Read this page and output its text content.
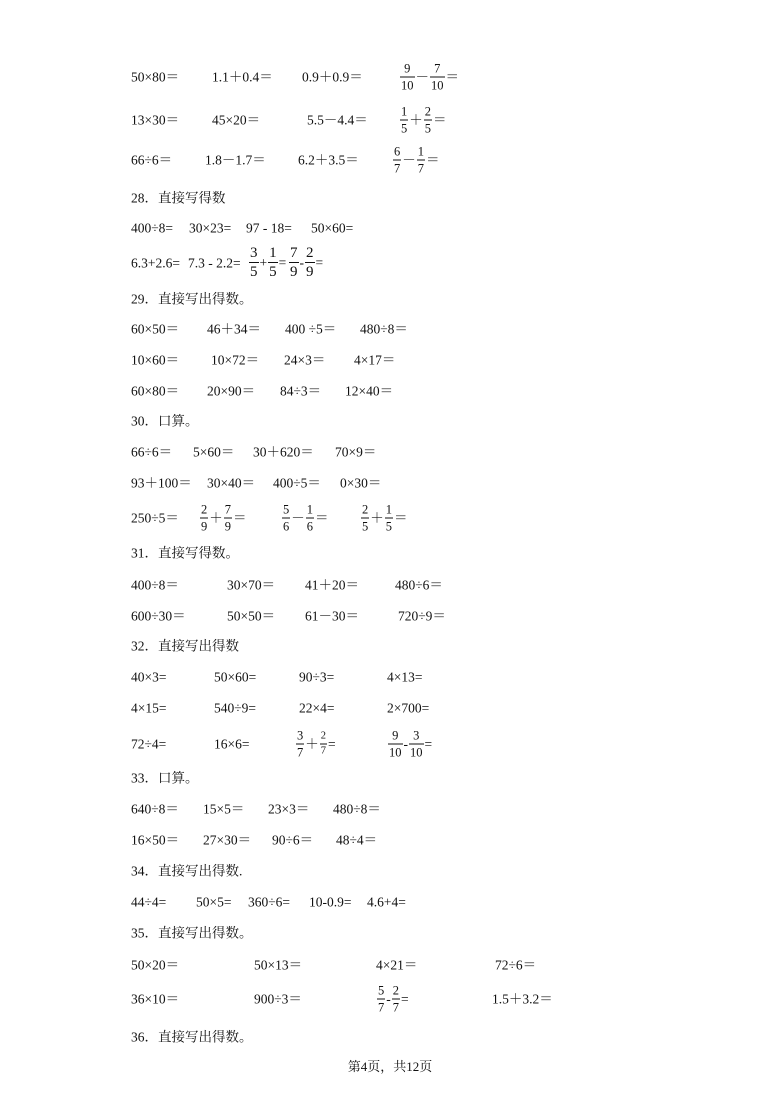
50×80＝ 1.1＋0.4＝ 0.9＋0.9＝	$\frac{9}{10} - \frac{7}{10}$ ＝
13×30＝ 45×20＝	5.5－4.4＝	$\frac{1}{5} + \frac{2}{5}$ ＝
66÷6＝ 1.8－1.7＝ 6.2＋3.5＝	$\frac{6}{7} - \frac{1}{7}$ ＝
28．直接写得数
400÷8= 30×23= 97 - 18= 50×60=
$6.3+2.6= 7.3 - 2.2= \frac{3}{5} + \frac{1}{5} = \frac{7}{9} - \frac{2}{9}$ =
29．直接写出得数。
60×50＝ 46＋34＝ 400 ÷5＝ 480÷8＝
10×60＝ 10×72＝ 24×3＝ 4×17＝
60×80＝ 20×90＝ 84÷3＝ 12×40＝
30．口算。
66÷6＝ 5×60＝ 30＋620＝ 70×9＝
93＋100＝ 30×40＝ 400÷5＝ 0×30＝
$250\div 5= \frac{2}{9} + \frac{7}{9}$ ＝	$\frac{5}{6} - \frac{1}{6}$ ＝	$\frac{2}{5} + \frac{1}{5}$ ＝
31．直接写得数。
400÷8＝	30×70＝ 41＋20＝	480÷6＝
600÷30＝	50×50＝ 61－30＝	720÷9＝
32．直接写出得数
40×3=	50×60=	90÷3=	4×13=
4×15=	540÷9=	22×4=	2×700=
72÷4=	16×6=	$\frac{3}{7} + \frac{2}{7}$ =	$\frac{9}{10} - \frac{3}{10}$ =
33．口算。
640÷8＝ 15×5＝ 23×3＝ 480÷8＝
16×50＝ 27×30＝ 90÷6＝ 48÷4＝
34．直接写出得数.
44÷4= 50×5= 360÷6= 10-0.9= 4.6+4=
35．直接写出得数。
50×20＝	50×13＝	4×21＝	72÷6＝
36×10＝	900÷3＝	$\frac{5}{7} - \frac{2}{7}$ =	1.5＋3.2＝
36．直接写出得数。
第4页，共12页
